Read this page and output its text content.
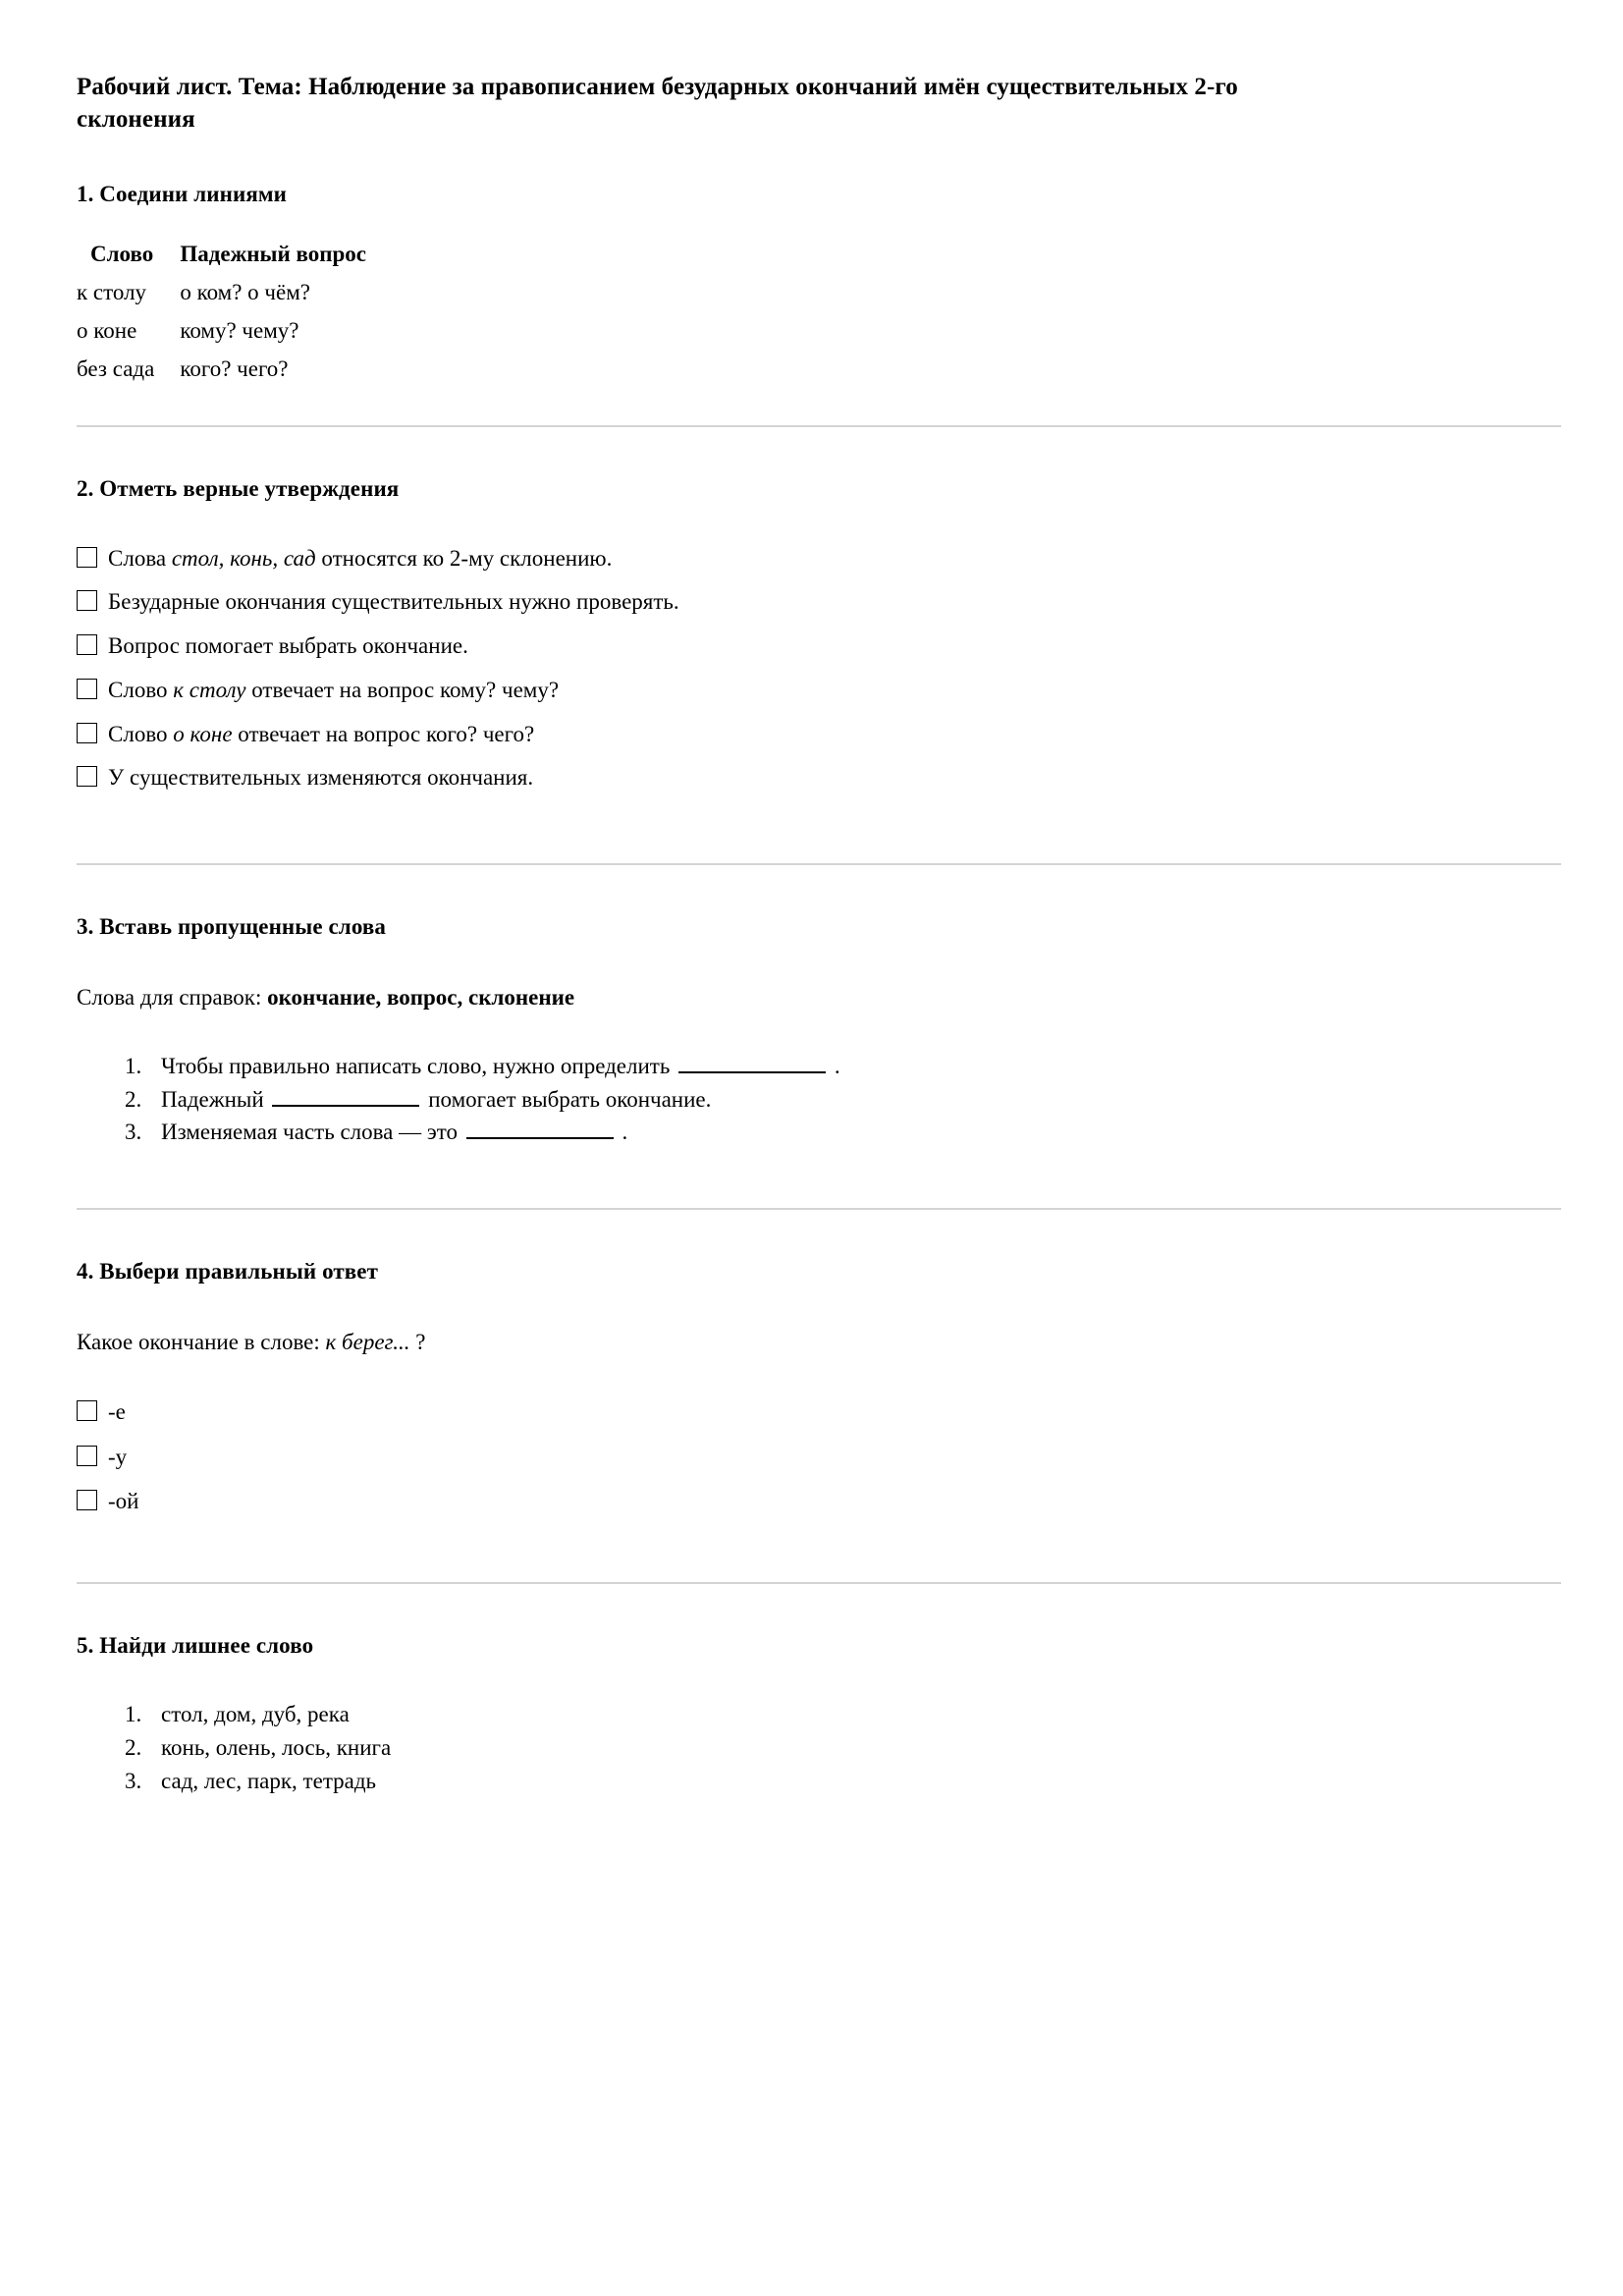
Рабочий лист. Тема: Наблюдение за правописанием безударных окончаний имён существительных 2-го склонения
1. Соедини линиями
Слово	Падежный вопрос
к столу	о ком? о чём?
о коне	кому? чему?
без сада	кого? чего?
2. Отметь верные утверждения
Слова стол, конь, сад относятся ко 2-му склонению.
Безударные окончания существительных нужно проверять.
Вопрос помогает выбрать окончание.
Слово к столу отвечает на вопрос кому? чему?
Слово о коне отвечает на вопрос кого? чего?
У существительных изменяются окончания.
3. Вставь пропущенные слова

Слова для справок: окончание, вопрос, склонение

1. Чтобы правильно написать слово, нужно определить	.
2. Падежный	помогает выбрать окончание.
3. Изменяемая часть слова — это	.
4. Выбери правильный ответ

Какое окончание в слове: к берег... ?

-е
-у
-ой
5. Найди лишнее слово
1. стол, дом, дуб, река
2. конь, олень, лось, книга
3. сад, лес, парк, тетрадь
